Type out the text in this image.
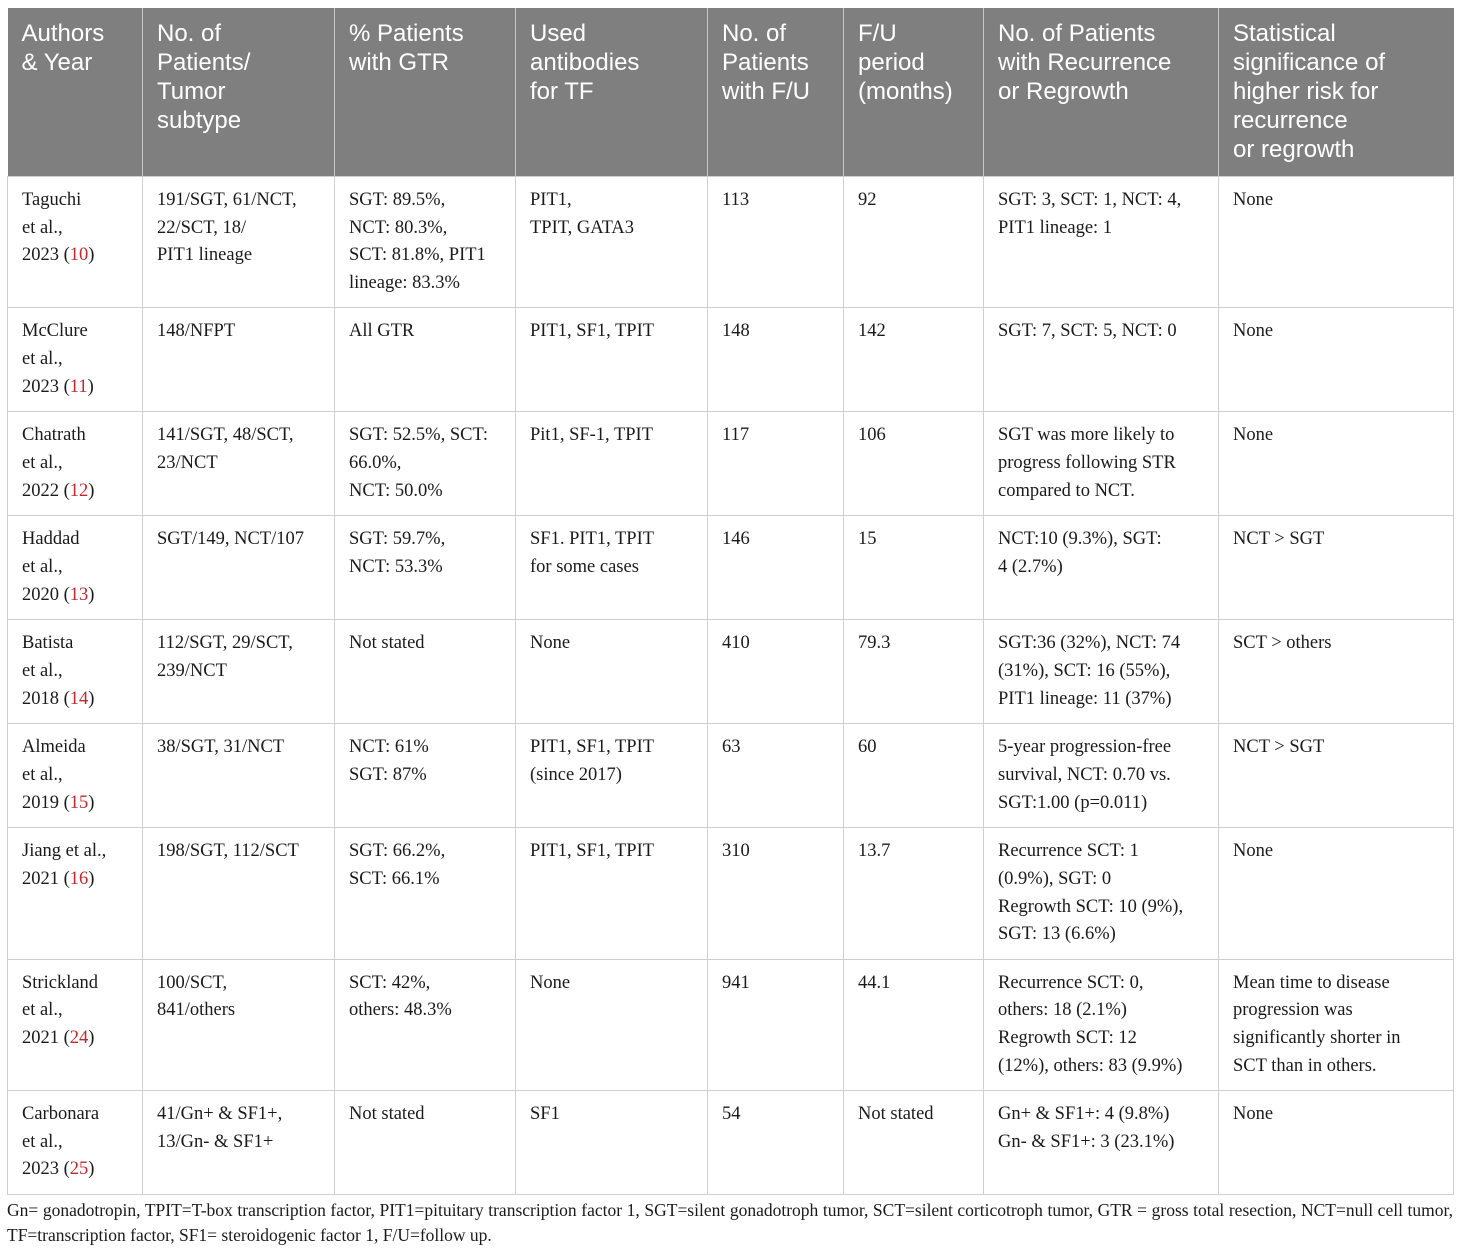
Authors
& Year	No. of
Patients/
Tumor
subtype	% Patients
with GTR	Used
antibodies
for TF	No. of
Patients
with F/U	F/U
period
(months)	No. of Patients
with Recurrence
or Regrowth	Statistical
significance of
higher risk for
recurrence
or regrowth
Taguchi
et al.,
2023 (10)	191/SGT, 61/NCT,
22/SCT, 18/
PIT1 lineage	SGT: 89.5%,
NCT: 80.3%,
SCT: 81.8%, PIT1
lineage: 83.3%	PIT1,
TPIT, GATA3	113	92	SGT: 3, SCT: 1, NCT: 4,
PIT1 lineage: 1	None
McClure
et al.,
2023 (11)	148/NFPT	All GTR	PIT1, SF1, TPIT	148	142	SGT: 7, SCT: 5, NCT: 0	None
Chatrath
et al.,
2022 (12)	141/SGT, 48/SCT,
23/NCT	SGT: 52.5%, SCT:
66.0%,
NCT: 50.0%	Pit1, SF-1, TPIT	117	106	SGT was more likely to
progress following STR
compared to NCT.	None
Haddad
et al.,
2020 (13)	SGT/149, NCT/107	SGT: 59.7%,
NCT: 53.3%	SF1. PIT1, TPIT
for some cases	146	15	NCT:10 (9.3%), SGT:
4 (2.7%)	NCT > SGT
Batista
et al.,
2018 (14)	112/SGT, 29/SCT,
239/NCT	Not stated	None	410	79.3	SGT:36 (32%), NCT: 74
(31%), SCT: 16 (55%),
PIT1 lineage: 11 (37%)	SCT > others
Almeida
et al.,
2019 (15)	38/SGT, 31/NCT	NCT: 61%
SGT: 87%	PIT1, SF1, TPIT
(since 2017)	63	60	5-year progression-free
survival, NCT: 0.70 vs.
SGT:1.00 (p=0.011)	NCT > SGT
Jiang et al.,
2021 (16)	198/SGT, 112/SCT	SGT: 66.2%,
SCT: 66.1%	PIT1, SF1, TPIT	310	13.7	Recurrence SCT: 1
(0.9%), SGT: 0
Regrowth SCT: 10 (9%),
SGT: 13 (6.6%)	None
Strickland
et al.,
2021 (24)	100/SCT,
841/others	SCT: 42%,
others: 48.3%	None	941	44.1	Recurrence SCT: 0,
others: 18 (2.1%)
Regrowth SCT: 12
(12%), others: 83 (9.9%)	Mean time to disease
progression was
significantly shorter in
SCT than in others.
Carbonara
et al.,
2023 (25)	41/Gn+ & SF1+,
13/Gn- & SF1+	Not stated	SF1	54	Not stated	Gn+ & SF1+: 4 (9.8%)
Gn- & SF1+: 3 (23.1%)	None
Gn= gonadotropin, TPIT=T-box transcription factor, PIT1=pituitary transcription factor 1, SGT=silent gonadotroph tumor, SCT=silent corticotroph tumor, GTR = gross total resection, NCT=null cell tumor, TF=transcription factor, SF1= steroidogenic factor 1, F/U=follow up.
